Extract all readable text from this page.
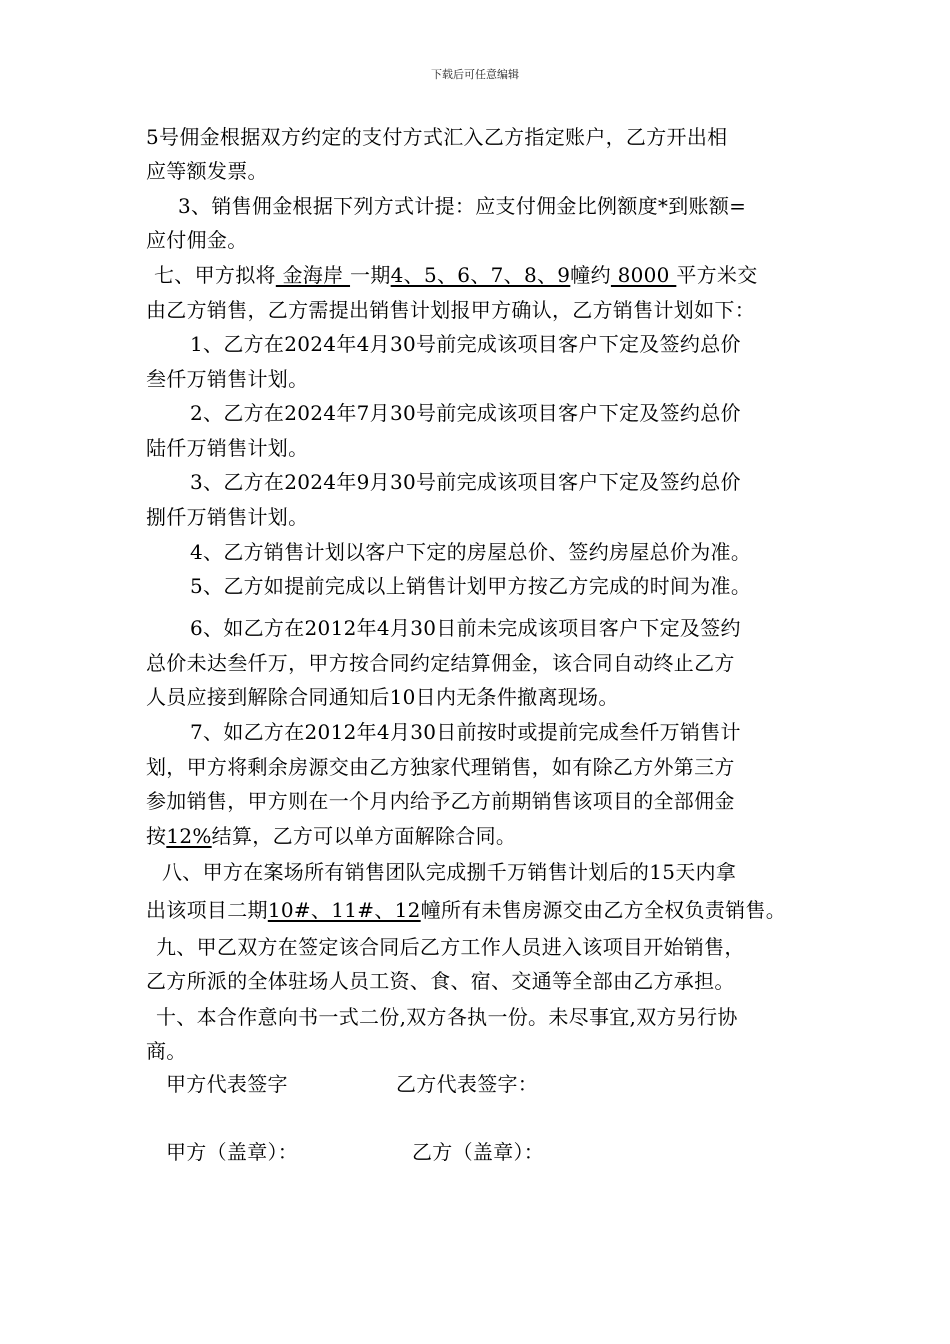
下载后可任意编辑
5号佣金根据双方约定的支付方式汇入乙方指定账户，乙方开出相
应等额发票。
3、销售佣金根据下列方式计提：应支付佣金比例额度*到账额=
应付佣金。
七、甲方拟将 金海岸 一期4、5、6、7、8、9幢约 8000 平方米交
由乙方销售，乙方需提出销售计划报甲方确认，乙方销售计划如下：
1、乙方在2024年4月30号前完成该项目客户下定及签约总价
叁仟万销售计划。
2、乙方在2024年7月30号前完成该项目客户下定及签约总价
陆仟万销售计划。
3、乙方在2024年9月30号前完成该项目客户下定及签约总价
捌仟万销售计划。
4、乙方销售计划以客户下定的房屋总价、签约房屋总价为准。
5、乙方如提前完成以上销售计划甲方按乙方完成的时间为准。
6、如乙方在2012年4月30日前未完成该项目客户下定及签约
总价未达叁仟万，甲方按合同约定结算佣金，该合同自动终止乙方
人员应接到解除合同通知后10日内无条件撤离现场。
7、如乙方在2012年4月30日前按时或提前完成叁仟万销售计
划，甲方将剩余房源交由乙方独家代理销售，如有除乙方外第三方
参加销售，甲方则在一个月内给予乙方前期销售该项目的全部佣金
按12%结算，乙方可以单方面解除合同。
八、甲方在案场所有销售团队完成捌千万销售计划后的15天内拿
出该项目二期10#、11#、12幢所有未售房源交由乙方全权负责销售。
九、甲乙双方在签定该合同后乙方工作人员进入该项目开始销售，
乙方所派的全体驻场人员工资、食、宿、交通等全部由乙方承担。
十、本合作意向书一式二份,双方各执一份。未尽事宜,双方另行协
商。
甲方代表签字	乙方代表签字：
甲方（盖章）：	乙方（盖章）：
